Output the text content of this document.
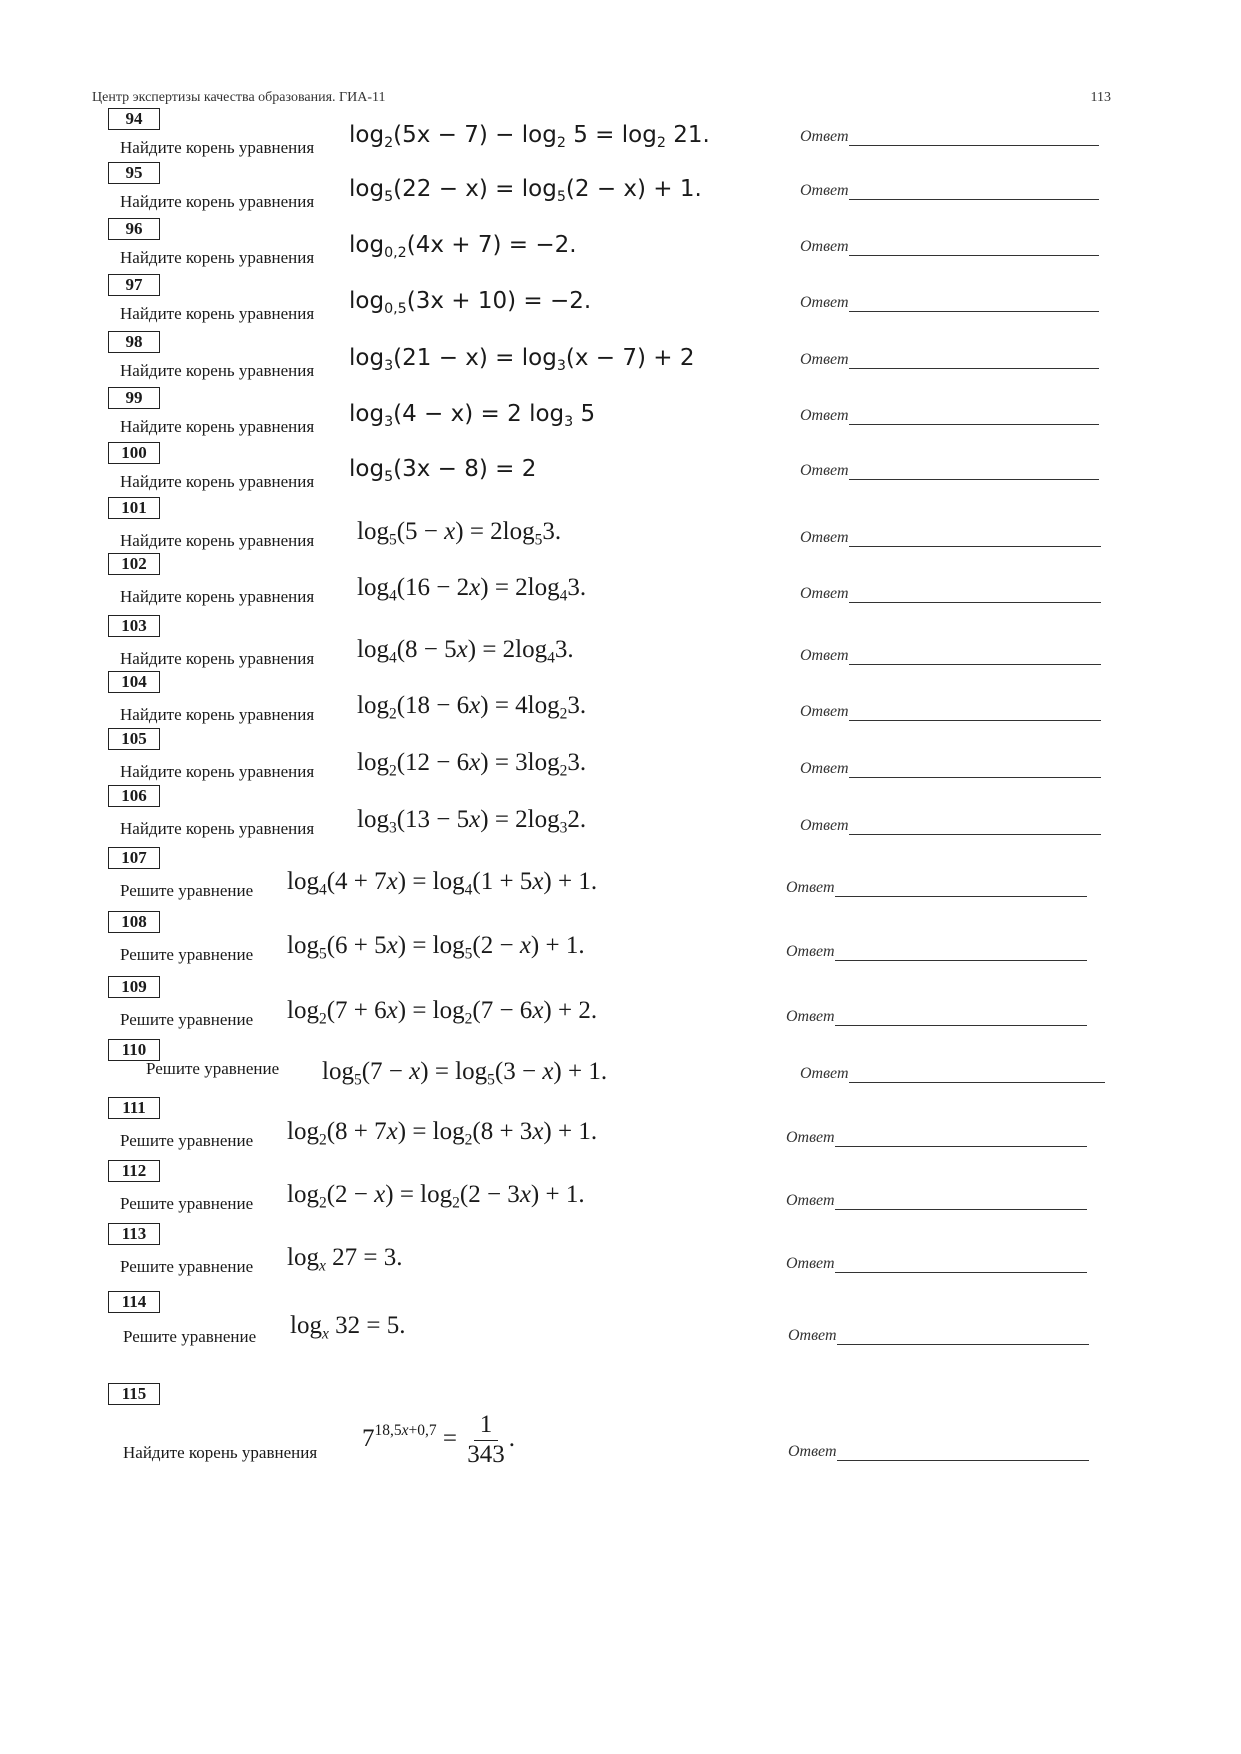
Центр экспертизы качества образования. ГИА-11	113
94
Найдите корень уравнения $\log_2(5x - 7) - \log_2 5 = \log_2 21$.	Ответ
95
Найдите корень уравнения $\log_5(22 - x) = \log_5(2 - x) + 1$.	Ответ
96
Найдите корень уравнения $\log_{0,2}(4x + 7) = -2$.	Ответ
97
Найдите корень уравнения $\log_{0,5}(3x + 10) = -2$.	Ответ
98
Найдите корень уравнения $\log_3(21 - x) = \log_3(x - 7) + 2$	Ответ
99
Найдите корень уравнения $\log_3(4 - x) = 2$ $\log_3 5$	Ответ
100
Найдите корень уравнения $\log_5(3x - 8) = 2$	Ответ
101
Найдите корень уравнения $\log_5(5 - x) = 2\log_53$.	Ответ
102
Найдите корень уравнения $\log_4(16 - 2x) = 2\log_43$.	Ответ
103
Найдите корень уравнения $\log_4(8 - 5x) = 2\log_43$.	Ответ
104
Найдите корень уравнения $\log_2(18 - 6x) = 4\log_23$.	Ответ
105
Найдите корень уравнения $\log_2(12 - 6x) = 3\log_23$.	Ответ
106
Найдите корень уравнения $\log_3(13 - 5x) = 2\log_32$.	Ответ
107
Решите уравнение $\log_4(4 + 7x) = \log_4(1 + 5x) + 1$.	Ответ
108
Решите уравнение $\log_5(6 + 5x) = \log_5(2 - x) + 1$.	Ответ
109
Решите уравнение $\log_2(7 + 6x) = \log_2(7 - 6x) + 2$.	Ответ
110
Решите уравнение $\log_5(7 - x) = \log_5(3 - x) + 1$.	Ответ
111
Решите уравнение $\log_2(8 + 7x) = \log_2(8 + 3x) + 1$.	Ответ
112
Решите уравнение $\log_2(2 - x) = \log_2(2 - 3x) + 1$.	Ответ
113
Решите уравнение $\log_x 27 = 3$.	Ответ
114
Решите уравнение $\log_x 32 = 5$.	Ответ
115
Найдите корень уравнения
$7^{18,5x+0,7} = \frac{1}{343}$ .	Ответ
